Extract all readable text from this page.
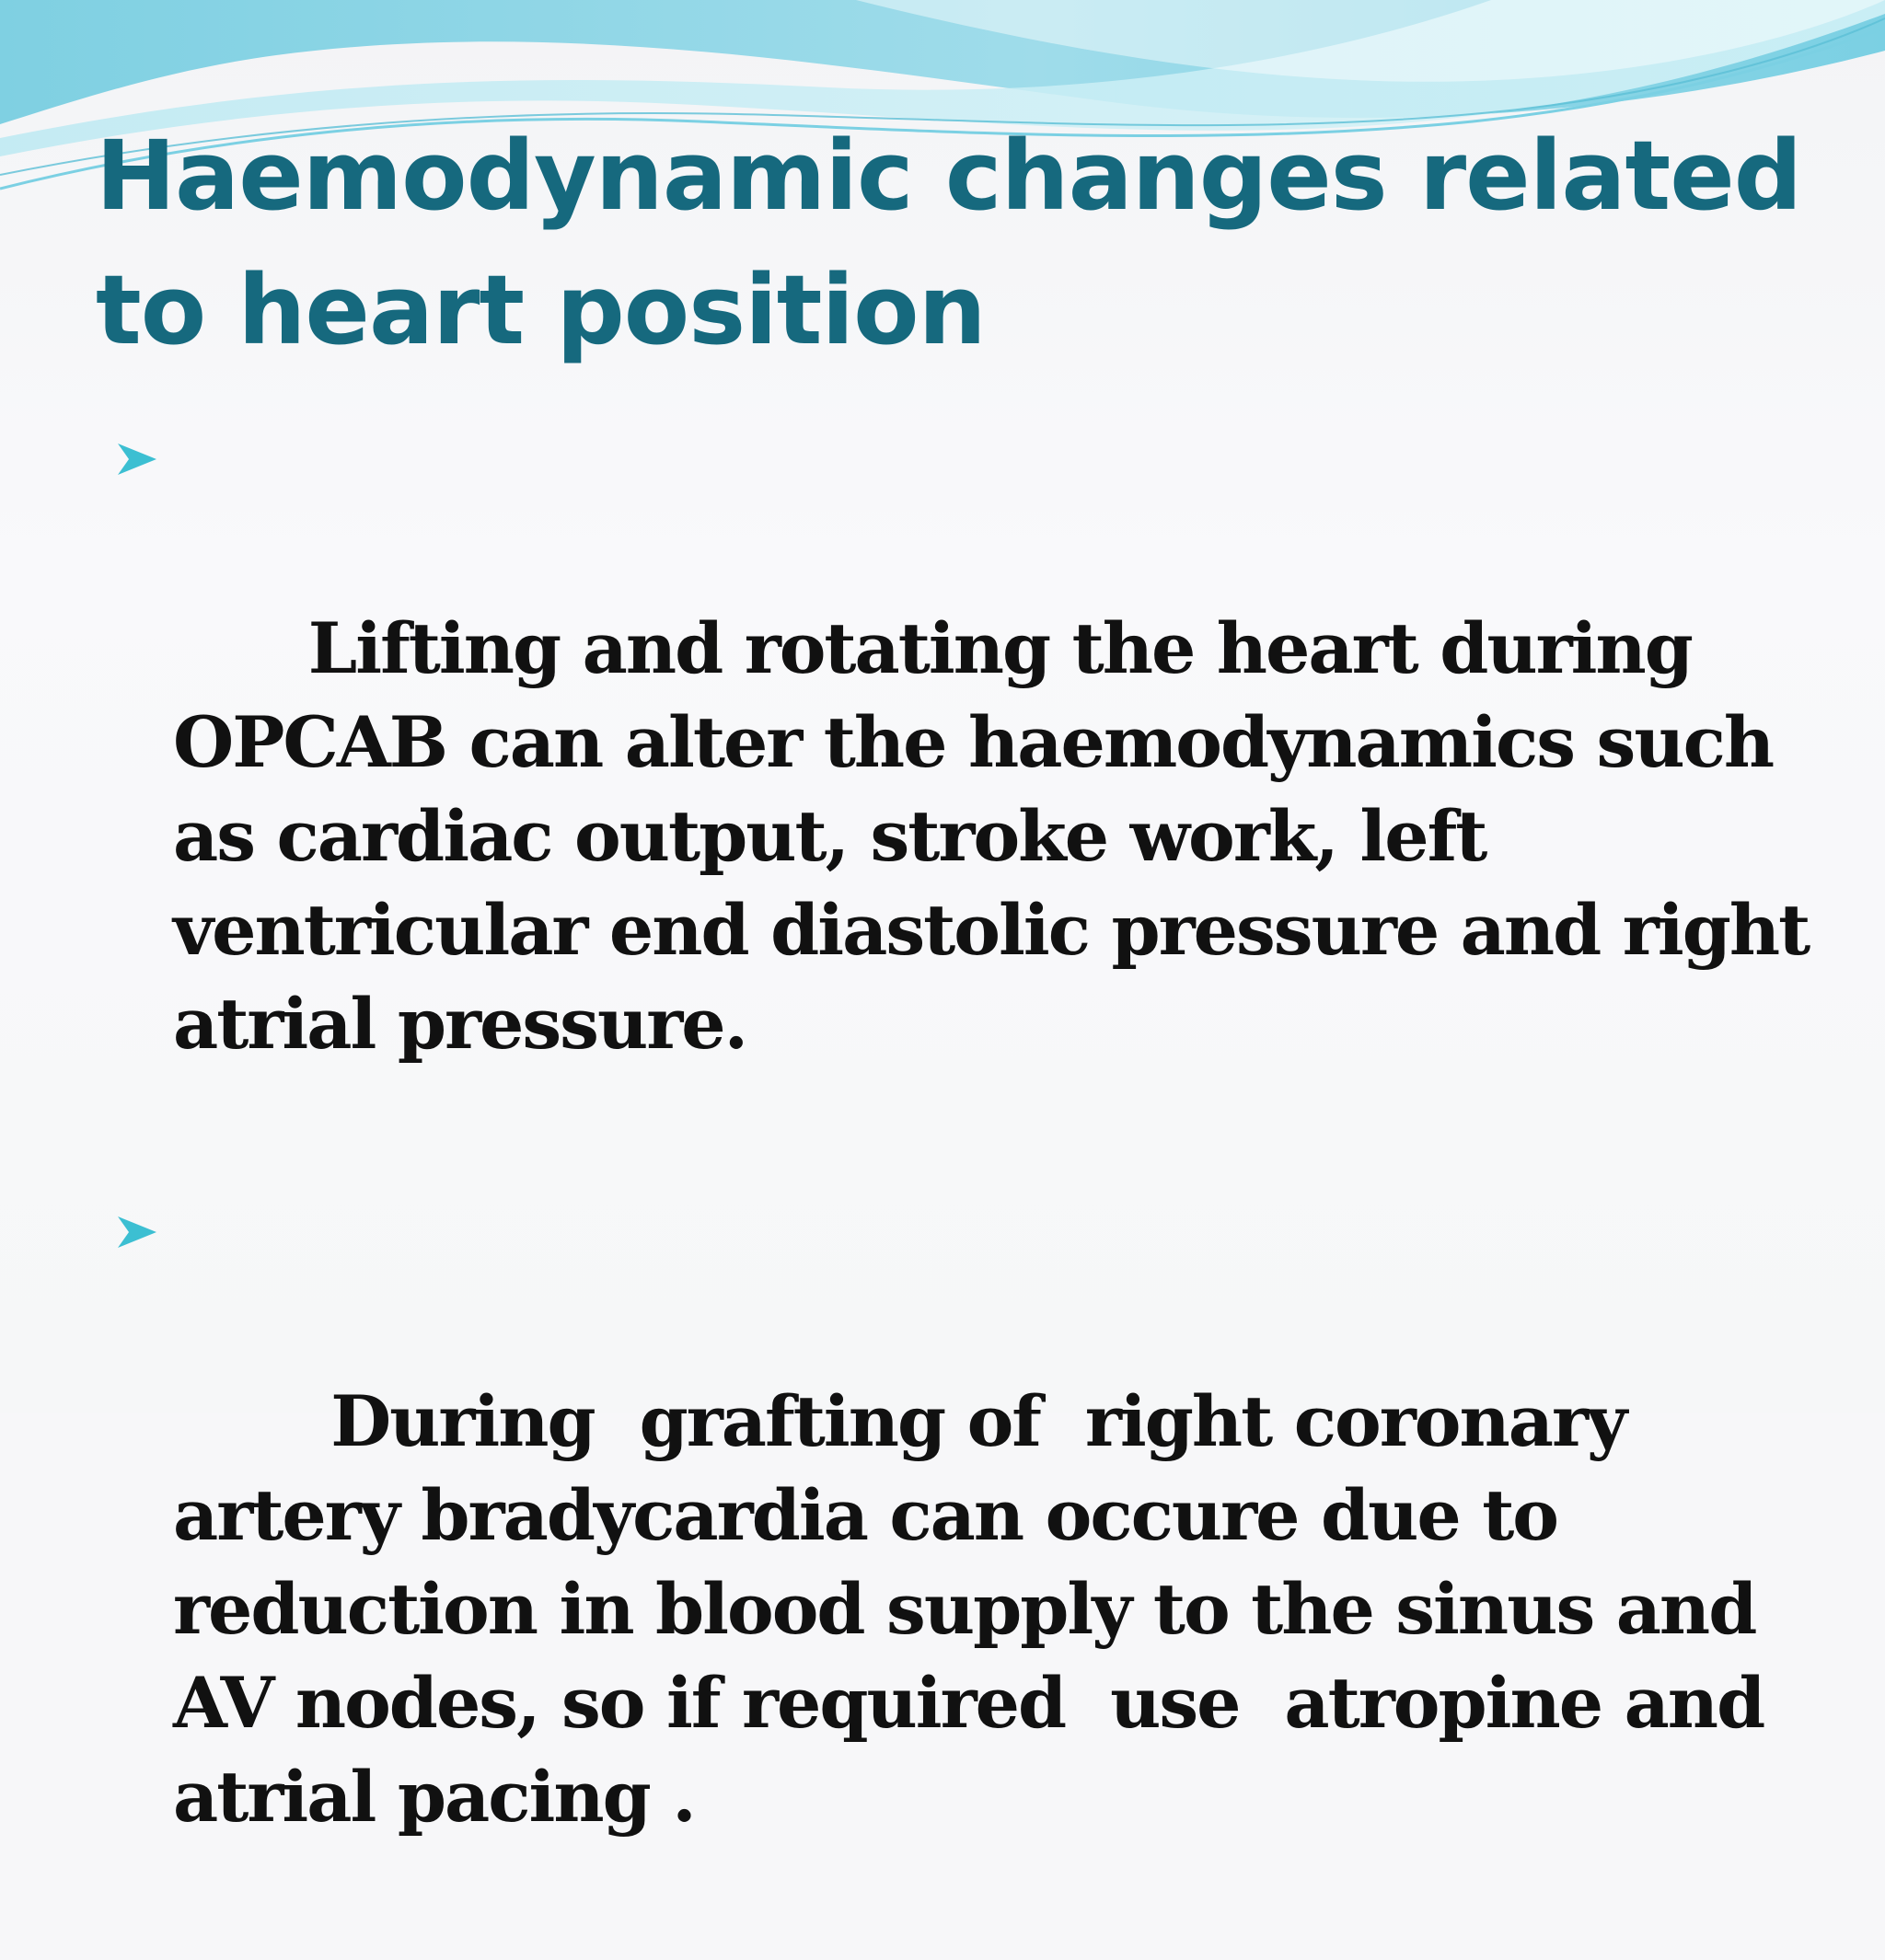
Haemodynamic changes related to heart position

Lifting and rotating the heart during OPCAB can alter the haemodynamics such as cardiac output, stroke work, left ventricular end diastolic pressure and right atrial pressure.

During  grafting of  right coronary artery bradycardia can occure due to reduction in blood supply to the sinus and AV nodes, so if required  use  atropine and atrial pacing .
